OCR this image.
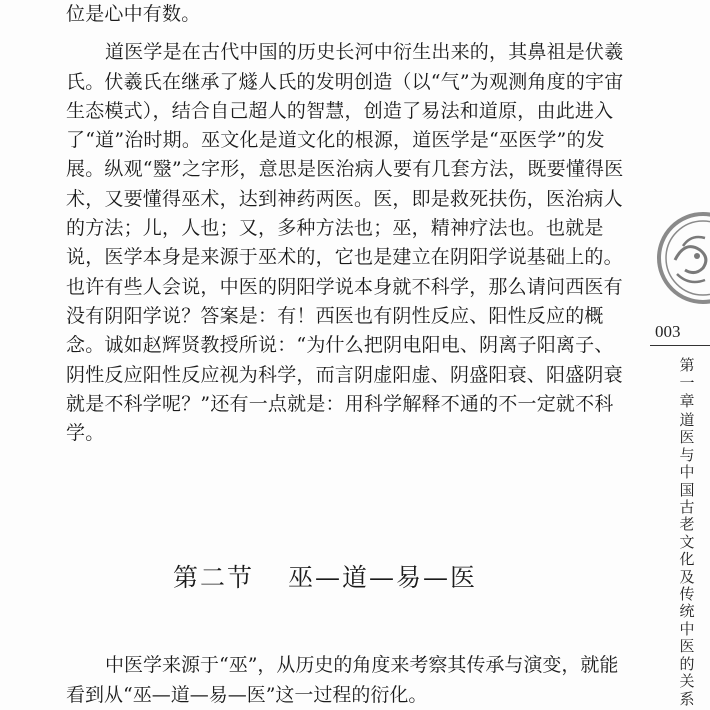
位是心中有数。

道医学是在古代中国的历史长河中衍生出来的，其鼻祖是伏羲氏。伏羲氏在继承了燧人氏的发明创造（以“气”为观测角度的宇宙生态模式），结合自己超人的智慧，创造了易法和道原，由此进入了“道”治时期。巫文化是道文化的根源，道医学是“巫医学”的发展。纵观“毉”之字形，意思是医治病人要有几套方法，既要懂得医术，又要懂得巫术，达到神药两医。医，即是救死扶伤，医治病人的方法；儿，人也；又，多种方法也；巫，精神疗法也。也就是说，医学本身是来源于巫术的，它也是建立在阴阳学说基础上的。也许有些人会说，中医的阴阳学说本身就不科学，那么请问西医有没有阴阳学说？答案是：有！西医也有阴性反应、阳性反应的概念。诚如赵辉贤教授所说：“为什么把阴电阳电、阴离子阳离子、阴性反应阳性反应视为科学，而言阴虚阳虚、阴盛阳衰、阳盛阴衰就是不科学呢？”还有一点就是：用科学解释不通的不一定就不科学。

第二节 巫—道—易—医

中医学来源于“巫”，从历史的角度来考察其传承与演变，就能看到从“巫—道—易—医”这一过程的衍化。

003
第一章
道医与中国古老文化及传统中医的关系
